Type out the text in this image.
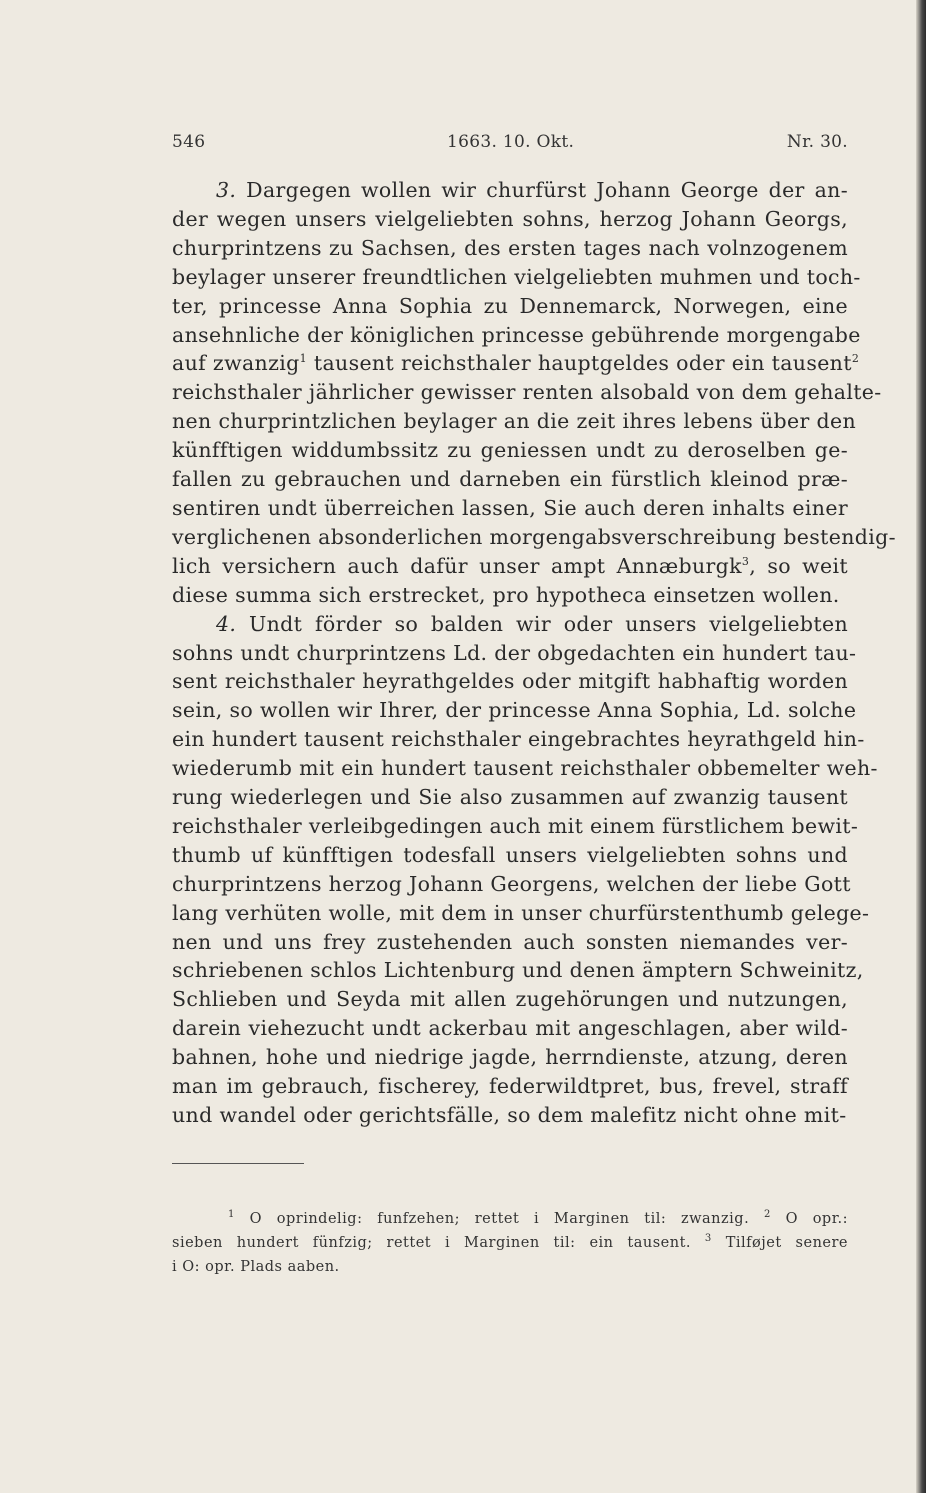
546	1663. 10. Okt.	Nr. 30.

3. Dargegen wollen wir churfürst Johann George der an-
der wegen unsers vielgeliebten sohns, herzog Johann Georgs,
churprintzens zu Sachsen, des ersten tages nach volnzogenem
beylager unserer freundtlichen vielgeliebten muhmen und toch-
ter, princesse Anna Sophia zu Dennemarck, Norwegen, eine
ansehnliche der königlichen princesse gebührende morgengabe
auf zwanzig$^1$ tausent reichsthaler hauptgeldes oder ein tausent$^2$
reichsthaler jährlicher gewisser renten alsobald von dem gehalte-
nen churprintzlichen beylager an die zeit ihres lebens über den
künfftigen widdumbssitz zu geniessen undt zu deroselben ge-
fallen zu gebrauchen und darneben ein fürstlich kleinod præ-
sentiren undt überreichen lassen, Sie auch deren inhalts einer
verglichenen absonderlichen morgengabsverschreibung bestendig-
lich versichern auch dafür unser ampt Annæburgk$^3$, so weit
diese summa sich erstrecket, pro hypotheca einsetzen wollen.

4. Undt förder so balden wir oder unsers vielgeliebten
sohns undt churprintzens Ld. der obgedachten ein hundert tau-
sent reichsthaler heyrathgeldes oder mitgift habhaftig worden
sein, so wollen wir Ihrer, der princesse Anna Sophia, Ld. solche
ein hundert tausent reichsthaler eingebrachtes heyrathgeld hin-
wiederumb mit ein hundert tausent reichsthaler obbemelter weh-
rung wiederlegen und Sie also zusammen auf zwanzig tausent
reichsthaler verleibgedingen auch mit einem fürstlichem bewit-
thumb uf künfftigen todesfall unsers vielgeliebten sohns und
churprintzens herzog Johann Georgens, welchen der liebe Gott
lang verhüten wolle, mit dem in unser churfürstenthumb gelege-
nen und uns frey zustehenden auch sonsten niemandes ver-
schriebenen schlos Lichtenburg und denen ämptern Schweinitz,
Schlieben und Seyda mit allen zugehörungen und nutzungen,
darein viehezucht undt ackerbau mit angeschlagen, aber wild-
bahnen, hohe und niedrige jagde, herrndienste, atzung, deren
man im gebrauch, fischerey, federwildtpret, bus, frevel, straff
und wandel oder gerichtsfälle, so dem malefitz nicht ohne mit-

$^1$ O oprindelig: funfzehen; rettet i Marginen til: zwanzig. $^2$ O opr.:
sieben hundert fünfzig; rettet i Marginen til: ein tausent. $^3$ Tilføjet senere
i O: opr. Plads aaben.
